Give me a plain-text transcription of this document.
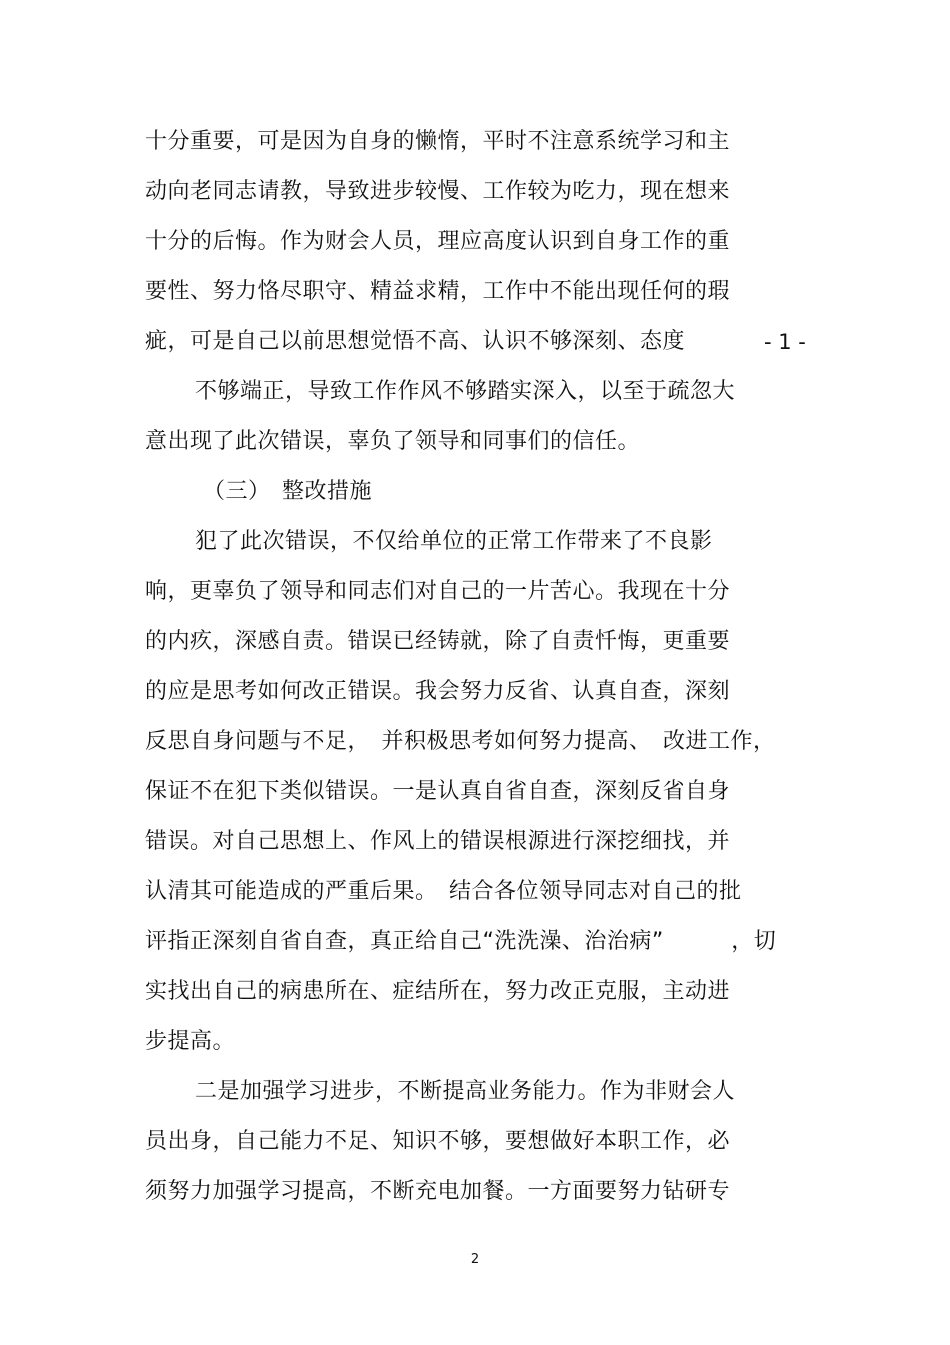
十分重要，可是因为自身的懒惰，平时不注意系统学习和主
动向老同志请教，导致进步较慢、工作较为吃力，现在想来
十分的后悔。作为财会人员，理应高度认识到自身工作的重
要性、努力恪尽职守、精益求精，工作中不能出现任何的瑕
疵，可是自己以前思想觉悟不高、认识不够深刻、态度	- 1 -
不够端正，导致工作作风不够踏实深入，以至于疏忽大
意出现了此次错误，辜负了领导和同事们的信任。
（三）　整改措施
犯了此次错误，不仅给单位的正常工作带来了不良影
响，更辜负了领导和同志们对自己的一片苦心。我现在十分
的内疚，深感自责。错误已经铸就，除了自责忏悔，更重要
的应是思考如何改正错误。我会努力反省、认真自查，深刻
反思自身问题与不足，　并积极思考如何努力提高、　改进工作，
保证不在犯下类似错误。一是认真自省自查，深刻反省自身
错误。对自己思想上、作风上的错误根源进行深挖细找，并
认清其可能造成的严重后果。　结合各位领导同志对自己的批
评指正深刻自省自查，真正给自己“洗洗澡、治治病”　　　，切
实找出自己的病患所在、症结所在，努力改正克服，主动进
步提高。
二是加强学习进步，不断提高业务能力。作为非财会人
员出身，自己能力不足、知识不够，要想做好本职工作，必
须努力加强学习提高，不断充电加餐。一方面要努力钻研专
2
